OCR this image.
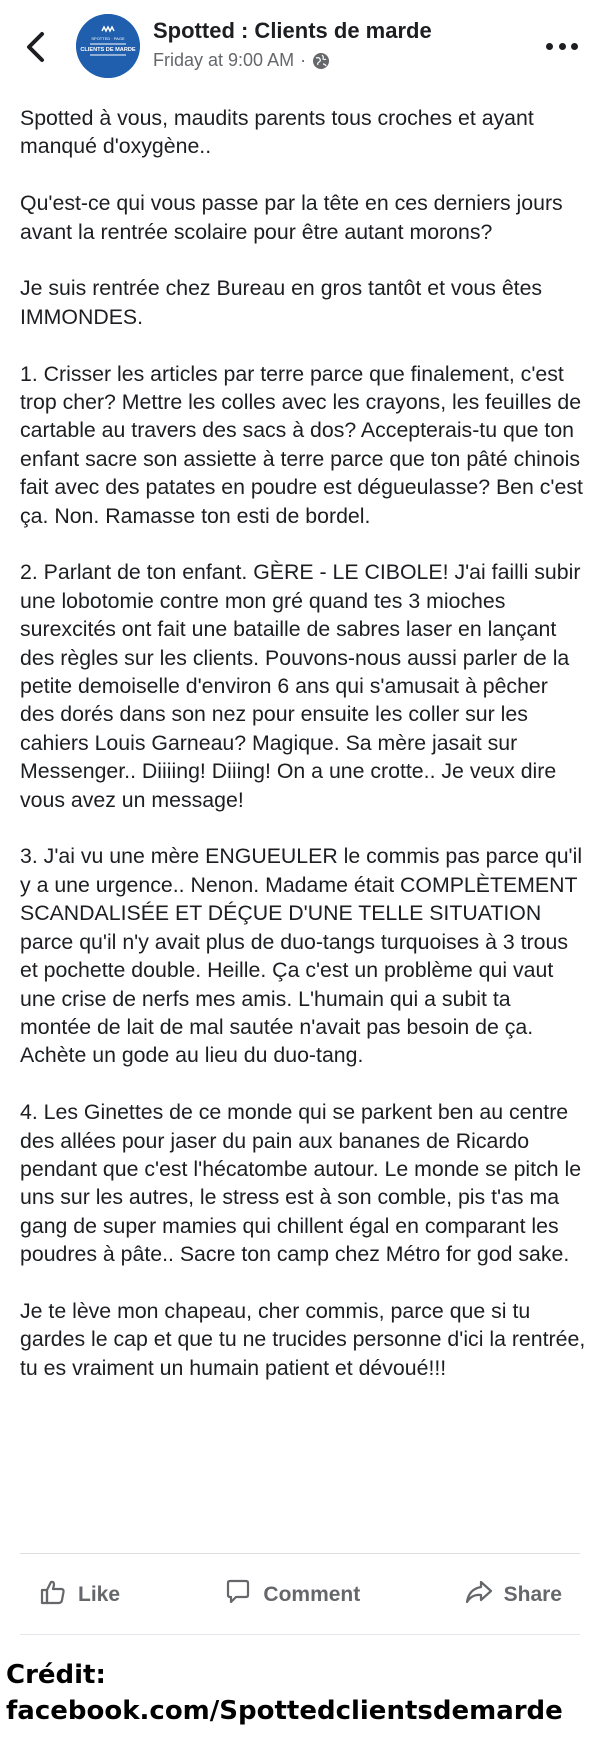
SPOTTED · PAGE
CLIENTS DE MARDE
Spotted : Clients de marde
Friday at 9:00 AM ·

Spotted à vous, maudits parents tous croches et ayant manqué d'oxygène..

Qu'est-ce qui vous passe par la tête en ces derniers jours avant la rentrée scolaire pour être autant morons?

Je suis rentrée chez Bureau en gros tantôt et vous êtes IMMONDES.

1. Crisser les articles par terre parce que finalement, c'est trop cher? Mettre les colles avec les crayons, les feuilles de cartable au travers des sacs à dos? Accepterais-tu que ton enfant sacre son assiette à terre parce que ton pâté chinois fait avec des patates en poudre est dégueulasse? Ben c'est ça. Non. Ramasse ton esti de bordel.

2. Parlant de ton enfant. GÈRE - LE CIBOLE! J'ai failli subir une lobotomie contre mon gré quand tes 3 mioches surexcités ont fait une bataille de sabres laser en lançant des règles sur les clients. Pouvons-nous aussi parler de la petite demoiselle d'environ 6 ans qui s'amusait à pêcher des dorés dans son nez pour ensuite les coller sur les cahiers Louis Garneau? Magique. Sa mère jasait sur Messenger.. Diiiing! Diiing! On a une crotte.. Je veux dire vous avez un message!

3. J'ai vu une mère ENGUEULER le commis pas parce qu'il y a une urgence.. Nenon. Madame était COMPLÈTEMENT SCANDALISÉE ET DÉÇUE D'UNE TELLE SITUATION parce qu'il n'y avait plus de duo-tangs turquoises à 3 trous et pochette double. Heille. Ça c'est un problème qui vaut une crise de nerfs mes amis. L'humain qui a subit ta montée de lait de mal sautée n'avait pas besoin de ça. Achète un gode au lieu du duo-tang.

4. Les Ginettes de ce monde qui se parkent ben au centre des allées pour jaser du pain aux bananes de Ricardo pendant que c'est l'hécatombe autour. Le monde se pitch le uns sur les autres, le stress est à son comble, pis t'as ma gang de super mamies qui chillent égal en comparant les poudres à pâte.. Sacre ton camp chez Métro for god sake.

Je te lève mon chapeau, cher commis, parce que si tu gardes le cap et que tu ne trucides personne d'ici la rentrée, tu es vraiment un humain patient et dévoué!!!

Like	Comment	Share
Crédit:
facebook.com/Spottedclientsdemarde
